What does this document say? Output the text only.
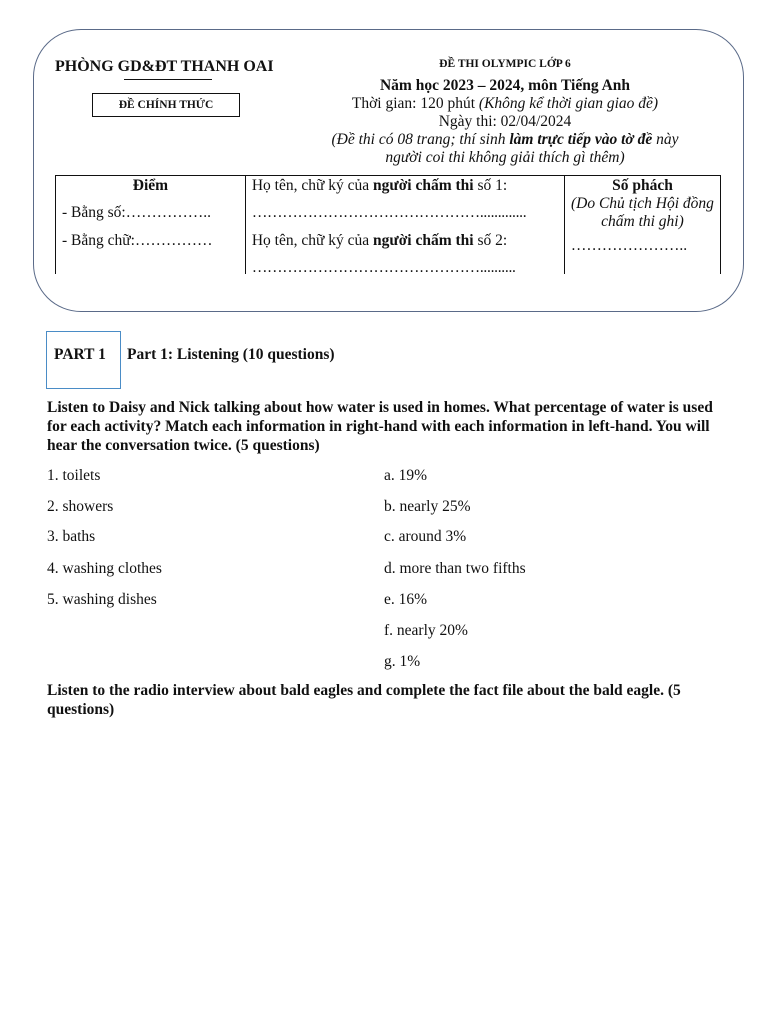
PHÒNG GD&ĐT THANH OAI
ĐỀ CHÍNH THỨC
ĐỀ THI OLYMPIC LỚP 6
Năm học 2023 – 2024, môn Tiếng Anh
Thời gian: 120 phút (Không kể thời gian giao đề)
Ngày thi: 02/04/2024
(Đề thi có 08 trang; thí sinh làm trực tiếp vào tờ đề này
người coi thi không giải thích gì thêm)
Điểm
- Bằng số:……………..
- Bằng chữ:……………

Họ tên, chữ ký của người chấm thi số 1:
……………………………………….............
Họ tên, chữ ký của người chấm thi số 2:
………………………………………..........

Số phách
(Do Chủ tịch Hội đồng chấm thi ghi)
…………………..
PART 1	Part 1: Listening (10 questions)
Listen to Daisy and Nick talking about how water is used in homes. What percentage of water is used for each activity? Match each information in right-hand with each information in left-hand. You will hear the conversation twice. (5 questions)
1. toilets
2. showers
3. baths
4. washing clothes
5. washing dishes
a. 19%
b. nearly 25%
c. around 3%
d. more than two fifths
e. 16%
f. nearly 20%
g. 1%
Listen to the radio interview about bald eagles and complete the fact file about the bald eagle. (5 questions)
